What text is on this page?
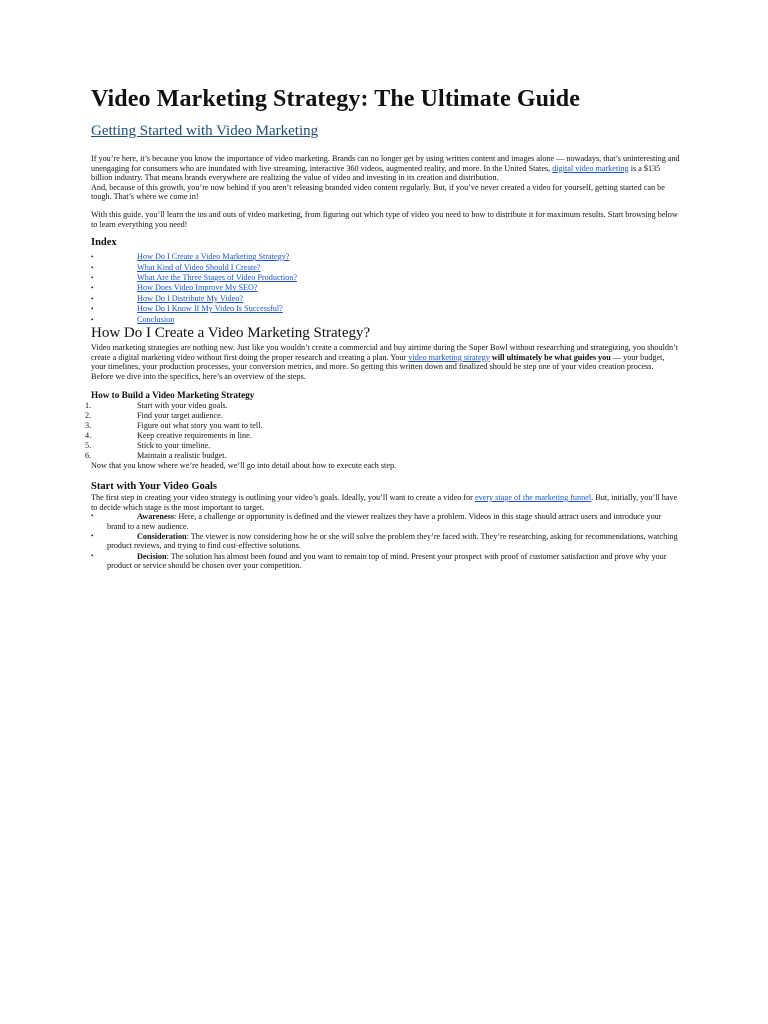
Video Marketing Strategy: The Ultimate Guide
Getting Started with Video Marketing

If you’re here, it’s because you know the importance of video marketing. Brands can no longer get by using written content and images alone — nowadays, that’s uninteresting and unengaging for consumers who are inundated with live streaming, interactive 360 videos, augmented reality, and more. In the United States, digital video marketing is a $135 billion industry. That means brands everywhere are realizing the value of video and investing in its creation and distribution.

And, because of this growth, you’re now behind if you aren’t releasing branded video content regularly. But, if you’ve never created a video for yourself, getting started can be tough. That’s where we come in!

With this guide, you’ll learn the ins and outs of video marketing, from figuring out which type of video you need to how to distribute it for maximum results. Start browsing below to learn everything you need!

Index
• How Do I Create a Video Marketing Strategy?
• What Kind of Video Should I Create?
• What Are the Three Stages of Video Production?
• How Does Video Improve My SEO?
• How Do I Distribute My Video?
• How Do I Know If My Video Is Successful?
• Conclusion
How Do I Create a Video Marketing Strategy?

Video marketing strategies are nothing new. Just like you wouldn’t create a commercial and buy airtime during the Super Bowl without researching and strategizing, you shouldn’t create a digital marketing video without first doing the proper research and creating a plan. Your video marketing strategy will ultimately be what guides you — your budget, your timelines, your production processes, your conversion metrics, and more. So getting this written down and finalized should be step one of your video creation process.

Before we dive into the specifics, here’s an overview of the steps.

How to Build a Video Marketing Strategy
1.	Start with your video goals.
2.	Find your target audience.
3.	Figure out what story you want to tell.
4.	Keep creative requirements in line.
5.	Stick to your timeline.
6.	Maintain a realistic budget.

Now that you know where we’re headed, we’ll go into detail about how to execute each step.

Start with Your Video Goals

The first step in creating your video strategy is outlining your video’s goals. Ideally, you’ll want to create a video for every stage of the marketing funnel. But, initially, you’ll have to decide which stage is the most important to target.

• Awareness: Here, a challenge or opportunity is defined and the viewer realizes they have a problem. Videos in this stage should attract users and introduce your brand to a new audience.
• Consideration: The viewer is now considering how he or she will solve the problem they’re faced with. They’re researching, asking for recommendations, watching product reviews, and trying to find cost-effective solutions.
• Decision: The solution has almost been found and you want to remain top of mind. Present your prospect with proof of customer satisfaction and prove why your product or service should be chosen over your competition.
